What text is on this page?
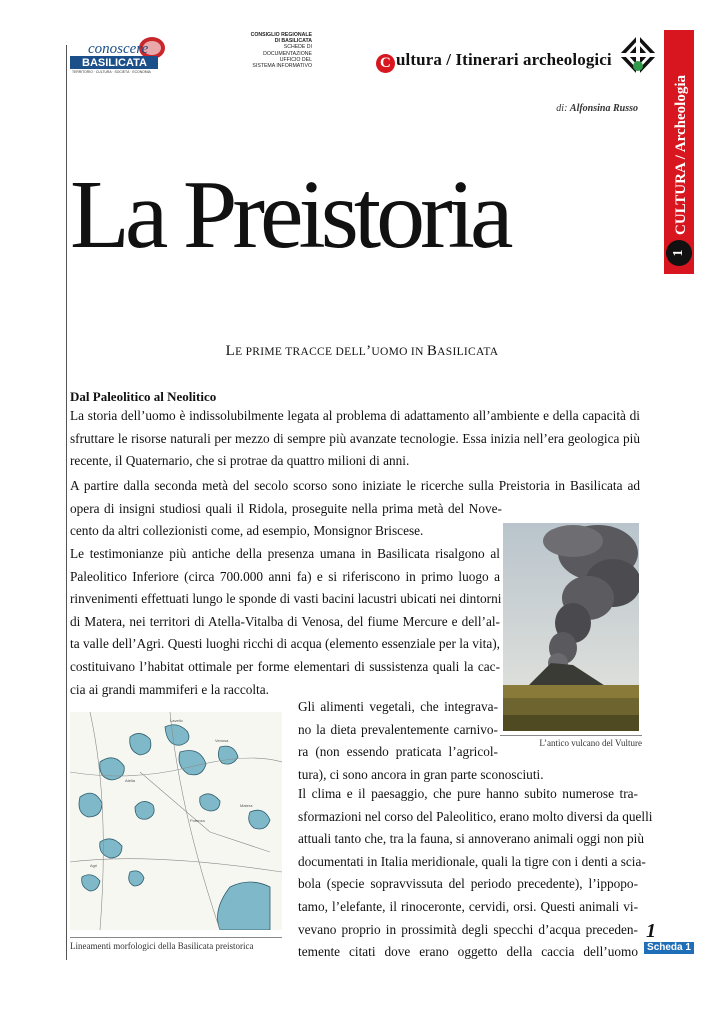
conoscere
BASILICATA
TERRITORIO · CULTURA · SOCIETÀ · ECONOMIA
CONSIGLIO REGIONALE
DI BASILICATA
SCHEDE DI
DOCUMENTAZIONE
UFFICIO DEL
SISTEMA INFORMATIVO	C ultura / Itinerari archeologici
CULTURA / Archeologia
1
di: Alfonsina Russo
La Preistoria
LE PRIME TRACCE DELL’UOMO IN BASILICATA
Dal Paleolitico al Neolitico
La storia dell’uomo è indissolubilmente legata al problema di adattamento all’ambiente e della capacità di
sfruttare le risorse naturali per mezzo di sempre più avanzate tecnologie. Essa inizia nell’era geologica più
recente, il Quaternario, che si protrae da quattro milioni di anni.
A partire dalla seconda metà del secolo scorso sono iniziate le ricerche sulla Preistoria in Basilicata ad
opera di insigni studiosi quali il Ridola, proseguite nella prima metà del Nove-
cento da altri collezionisti come, ad esempio, Monsignor Briscese.
Le testimonianze più antiche della presenza umana in Basilicata risalgono al
Paleolitico Inferiore (circa 700.000 anni fa) e si riferiscono in primo luogo a
rinvenimenti effettuati lungo le sponde di vasti bacini lacustri ubicati nei dintorni
di Matera, nei territori di Atella-Vitalba di Venosa, del fiume Mercure e dell’al-
ta valle dell’Agri. Questi luoghi ricchi di acqua (elemento essenziale per la vita),
costituivano l’habitat ottimale per forme elementari di sussistenza quali la cac-
cia ai grandi mammiferi e la raccolta.
L’antico vulcano del Vulture
Gli alimenti vegetali, che integrava-
no la dieta prevalentemente carnivo-
ra (non essendo praticata l’agricol-
tura), ci sono ancora in gran parte sconosciuti.
Lavello
Venosa
Atella
Potenza
Matera
Agri
Lineamenti morfologici della Basilicata preistorica
Il clima e il paesaggio, che pure hanno subito numerose tra-
sformazioni nel corso del Paleolitico, erano molto diversi da quelli
attuali tanto che, tra la fauna, si annoverano animali oggi non più
documentati in Italia meridionale, quali la tigre con i denti a scia-
bola (specie sopravvissuta del periodo precedente), l’ippopo-
tamo, l’elefante, il rinoceronte, cervidi, orsi. Questi animali vi-
vevano proprio in prossimità degli specchi d’acqua preceden-
temente citati dove erano oggetto della caccia dell’uomo
1
Scheda 1
